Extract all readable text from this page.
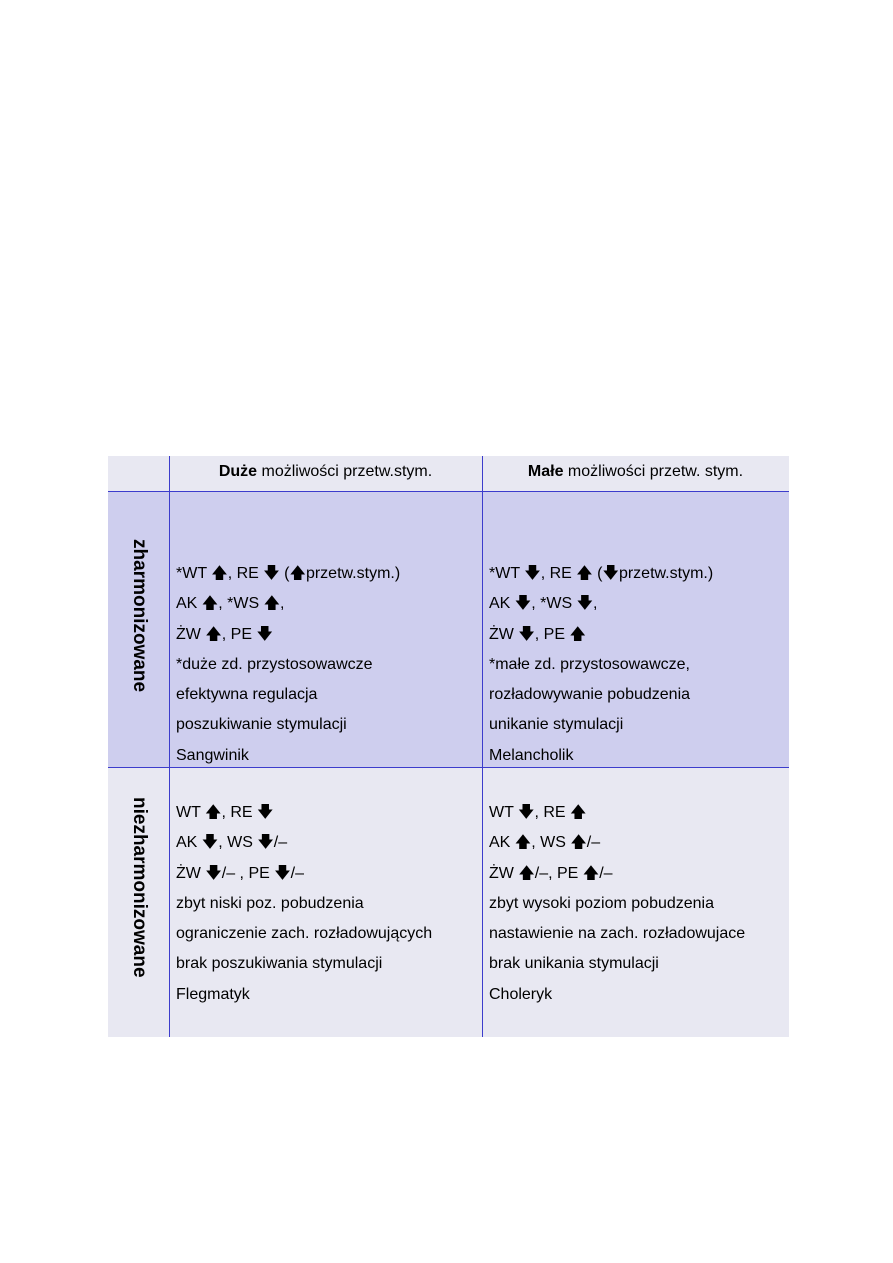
Duże możliwości przetw.stym.	Małe możliwości przetw. stym.
zharmonizowane *WT 🡅, RE 🡇 (🡅przetw.stym.)
AK 🡅, *WS 🡅,
ŻW 🡅, PE 🡇
*duże zd. przystosowawcze
efektywna regulacja
poszukiwanie stymulacji
Sangwinik
*WT 🡇, RE 🡅 (🡇przetw.stym.)
AK 🡇, *WS 🡇,
ŻW 🡇, PE 🡅
*małe zd. przystosowawcze,
rozładowywanie pobudzenia
unikanie stymulacji
Melancholik
niezharmonizowane WT 🡅, RE 🡇
AK 🡇, WS 🡇/–
ŻW 🡇/– , PE 🡇/–
zbyt niski poz. pobudzenia
ograniczenie zach. rozładowujących
brak poszukiwania stymulacji
Flegmatyk
WT 🡇, RE 🡅
AK 🡅, WS 🡅/–
ŻW 🡅/–, PE 🡅/–
zbyt wysoki poziom pobudzenia
nastawienie na zach. rozładowujace
brak unikania stymulacji
Choleryk
